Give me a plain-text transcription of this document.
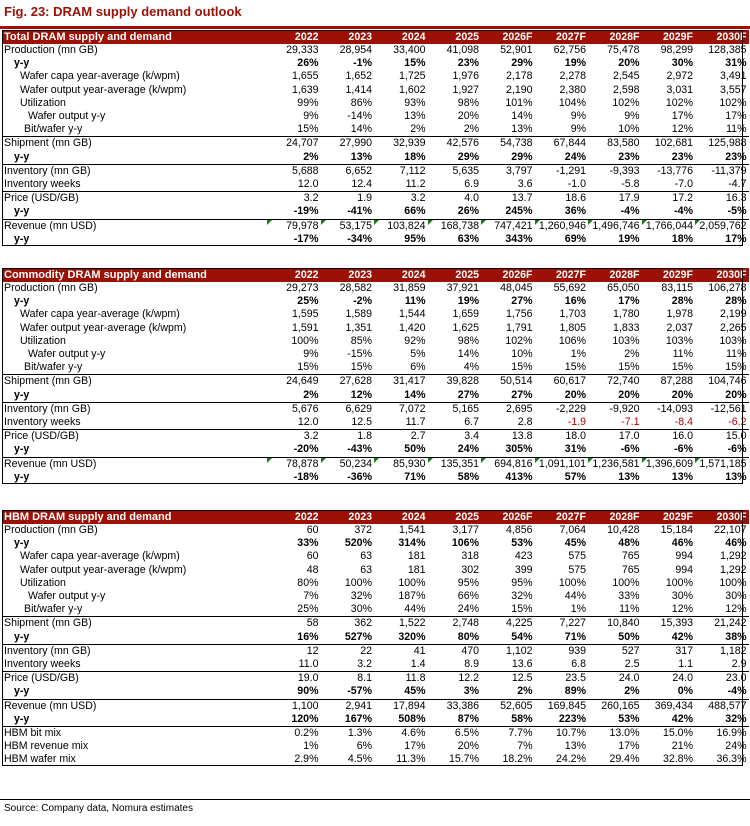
Fig. 23: DRAM supply demand outlook
Total DRAM supply and demand	2022	2023	2024	2025	2026F	2027F	2028F	2029F	2030F
Production (mn GB)	29,333	28,954	33,400	41,098	52,901	62,756	75,478	98,299	128,385
y-y	26%	-1%	15%	23%	29%	19%	20%	30%	31%
Wafer capa year-average (k/wpm)	1,655	1,652	1,725	1,976	2,178	2,278	2,545	2,972	3,491
Wafer output year-average (k/wpm)	1,639	1,414	1,602	1,927	2,190	2,380	2,598	3,031	3,557
Utilization	99%	86%	93%	98%	101%	104%	102%	102%	102%
Wafer output y-y	9%	-14%	13%	20%	14%	9%	9%	17%	17%
Bit/wafer y-y	15%	14%	2%	2%	13%	9%	10%	12%	11%
Shipment (mn GB)	24,707	27,990	32,939	42,576	54,738	67,844	83,580	102,681	125,988
y-y	2%	13%	18%	29%	29%	24%	23%	23%	23%
Inventory (mn GB)	5,688	6,652	7,112	5,635	3,797	-1,291	-9,393	-13,776	-11,379
Inventory weeks	12.0	12.4	11.2	6.9	3.6	-1.0	-5.8	-7.0	-4.7
Price (USD/GB)	3.2	1.9	3.2	4.0	13.7	18.6	17.9	17.2	16.3
y-y	-19%	-41%	66%	26%	245%	36%	-4%	-4%	-5%
Revenue (mn USD)	79,978	53,175	103,824	168,738	747,421	1,260,946	1,496,746	1,766,044	2,059,762
y-y	-17%	-34%	95%	63%	343%	69%	19%	18%	17%
Commodity DRAM supply and demand	2022	2023	2024	2025	2026F	2027F	2028F	2029F	2030F
Production (mn GB)	29,273	28,582	31,859	37,921	48,045	55,692	65,050	83,115	106,278
y-y	25%	-2%	11%	19%	27%	16%	17%	28%	28%
Wafer capa year-average (k/wpm)	1,595	1,589	1,544	1,659	1,756	1,703	1,780	1,978	2,199
Wafer output year-average (k/wpm)	1,591	1,351	1,420	1,625	1,791	1,805	1,833	2,037	2,265
Utilization	100%	85%	92%	98%	102%	106%	103%	103%	103%
Wafer output y-y	9%	-15%	5%	14%	10%	1%	2%	11%	11%
Bit/wafer y-y	15%	15%	6%	4%	15%	15%	15%	15%	15%
Shipment (mn GB)	24,649	27,628	31,417	39,828	50,514	60,617	72,740	87,288	104,746
y-y	2%	12%	14%	27%	27%	20%	20%	20%	20%
Inventory (mn GB)	5,676	6,629	7,072	5,165	2,695	-2,229	-9,920	-14,093	-12,561
Inventory weeks	12.0	12.5	11.7	6.7	2.8	-1.9	-7.1	-8.4	-6.2
Price (USD/GB)	3.2	1.8	2.7	3.4	13.8	18.0	17.0	16.0	15.0
y-y	-20%	-43%	50%	24%	305%	31%	-6%	-6%	-6%
Revenue (mn USD)	78,878	50,234	85,930	135,351	694,816	1,091,101	1,236,581	1,396,609	1,571,185
y-y	-18%	-36%	71%	58%	413%	57%	13%	13%	13%
HBM DRAM supply and demand	2022	2023	2024	2025	2026F	2027F	2028F	2029F	2030F
Production (mn GB)	60	372	1,541	3,177	4,856	7,064	10,428	15,184	22,107
y-y	33%	520%	314%	106%	53%	45%	48%	46%	46%
Wafer capa year-average (k/wpm)	60	63	181	318	423	575	765	994	1,292
Wafer output year-average (k/wpm)	48	63	181	302	399	575	765	994	1,292
Utilization	80%	100%	100%	95%	95%	100%	100%	100%	100%
Wafer output y-y	7%	32%	187%	66%	32%	44%	33%	30%	30%
Bit/wafer y-y	25%	30%	44%	24%	15%	1%	11%	12%	12%
Shipment (mn GB)	58	362	1,522	2,748	4,225	7,227	10,840	15,393	21,242
y-y	16%	527%	320%	80%	54%	71%	50%	42%	38%
Inventory (mn GB)	12	22	41	470	1,102	939	527	317	1,182
Inventory weeks	11.0	3.2	1.4	8.9	13.6	6.8	2.5	1.1	2.9
Price (USD/GB)	19.0	8.1	11.8	12.2	12.5	23.5	24.0	24.0	23.0
y-y	90%	-57%	45%	3%	2%	89%	2%	0%	-4%
Revenue (mn USD)	1,100	2,941	17,894	33,386	52,605	169,845	260,165	369,434	488,577
y-y	120%	167%	508%	87%	58%	223%	53%	42%	32%
HBM bit mix	0.2%	1.3%	4.6%	6.5%	7.7%	10.7%	13.0%	15.0%	16.9%
HBM revenue mix	1%	6%	17%	20%	7%	13%	17%	21%	24%
HBM wafer mix	2.9%	4.5%	11.3%	15.7%	18.2%	24.2%	29.4%	32.8%	36.3%
Source: Company data, Nomura estimates
